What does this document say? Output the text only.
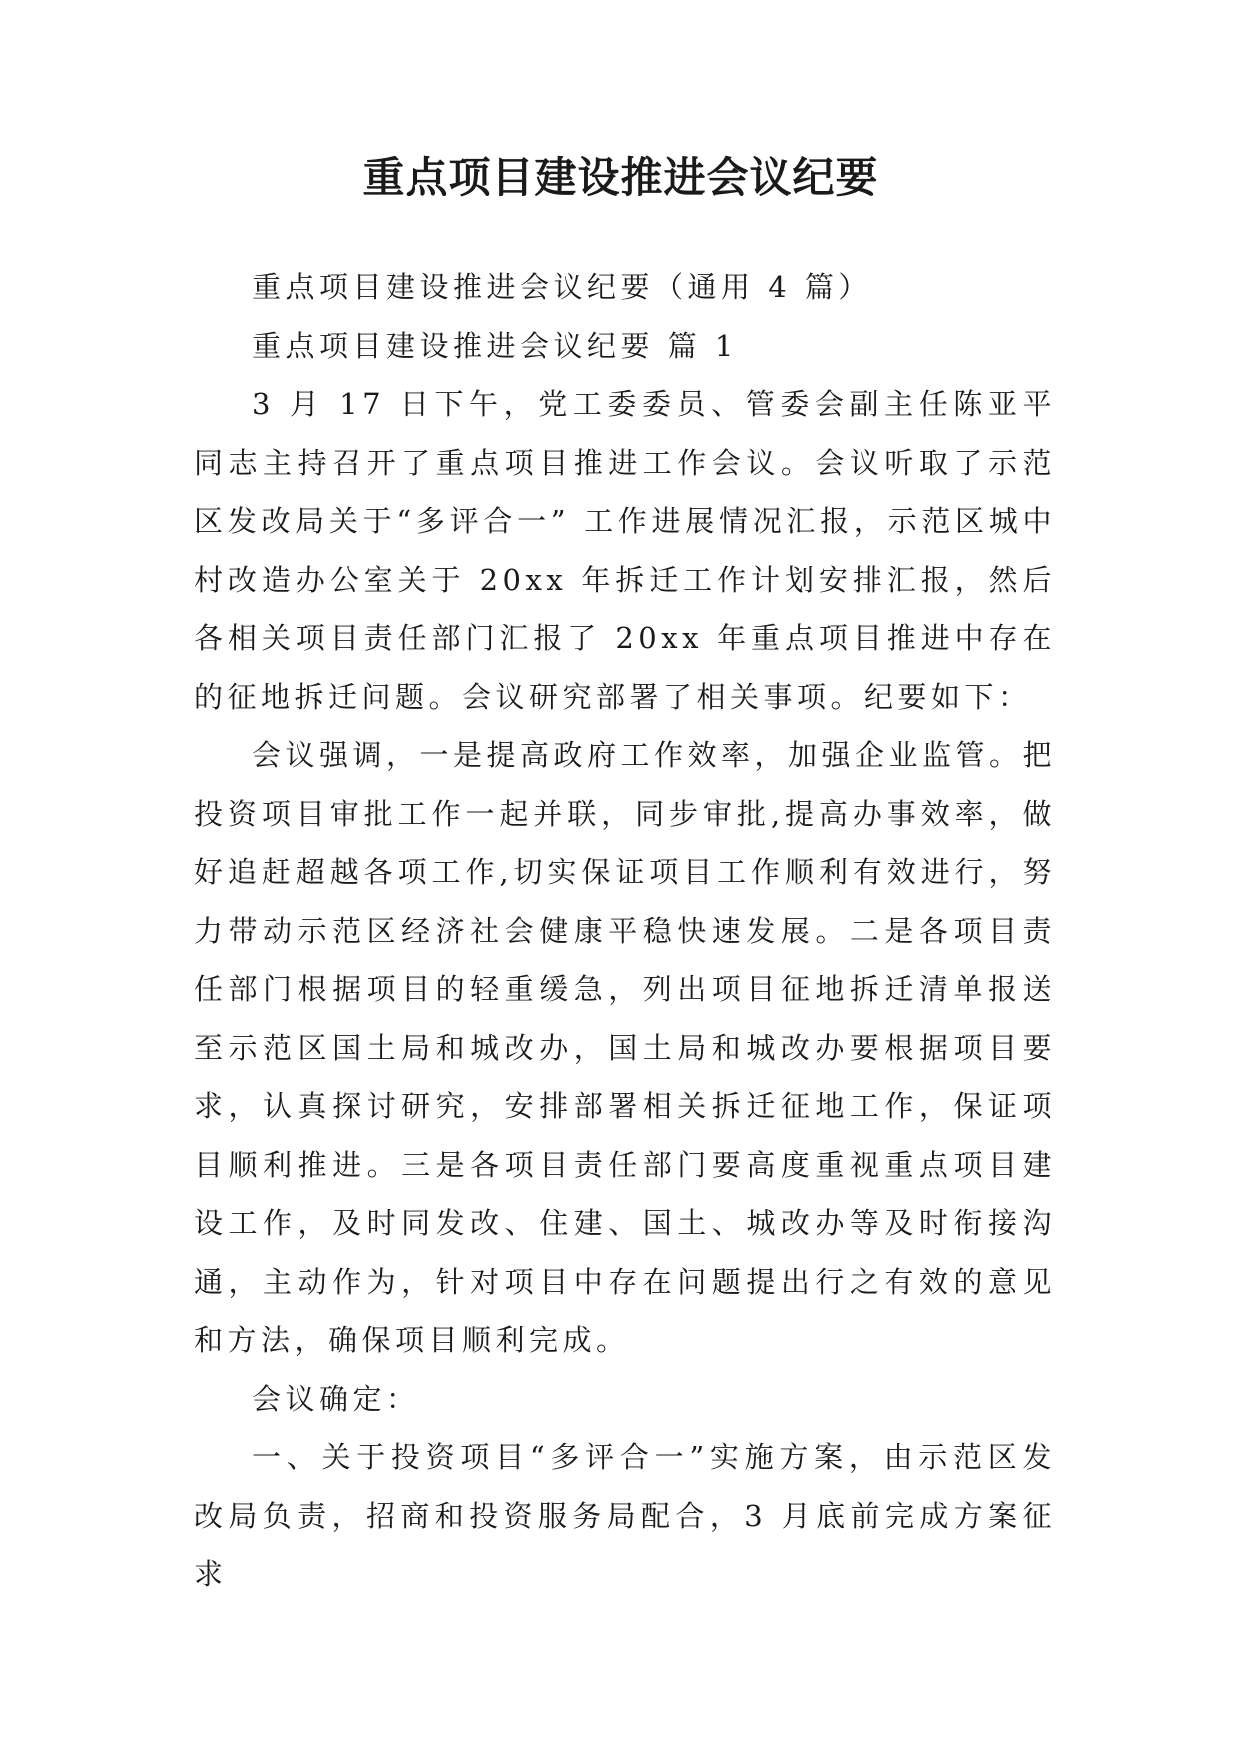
重点项目建设推进会议纪要

重点项目建设推进会议纪要（通用 4 篇）

重点项目建设推进会议纪要 篇 1

3 月 17 日下午，党工委委员、管委会副主任陈亚平同志主持召开了重点项目推进工作会议。会议听取了示范区发改局关于“多评合一” 工作进展情况汇报，示范区城中村改造办公室关于 20xx 年拆迁工作计划安排汇报，然后各相关项目责任部门汇报了 20xx 年重点项目推进中存在的征地拆迁问题。会议研究部署了相关事项。纪要如下：

会议强调，一是提高政府工作效率，加强企业监管。把投资项目审批工作一起并联，同步审批,提高办事效率，做好追赶超越各项工作,切实保证项目工作顺利有效进行，努力带动示范区经济社会健康平稳快速发展。二是各项目责任部门根据项目的轻重缓急，列出项目征地拆迁清单报送至示范区国土局和城改办，国土局和城改办要根据项目要求，认真探讨研究，安排部署相关拆迁征地工作，保证项目顺利推进。三是各项目责任部门要高度重视重点项目建设工作，及时同发改、住建、国土、城改办等及时衔接沟通，主动作为，针对项目中存在问题提出行之有效的意见和方法，确保项目顺利完成。

会议确定：

一、关于投资项目“多评合一”实施方案，由示范区发改局负责，招商和投资服务局配合，3 月底前完成方案征求
